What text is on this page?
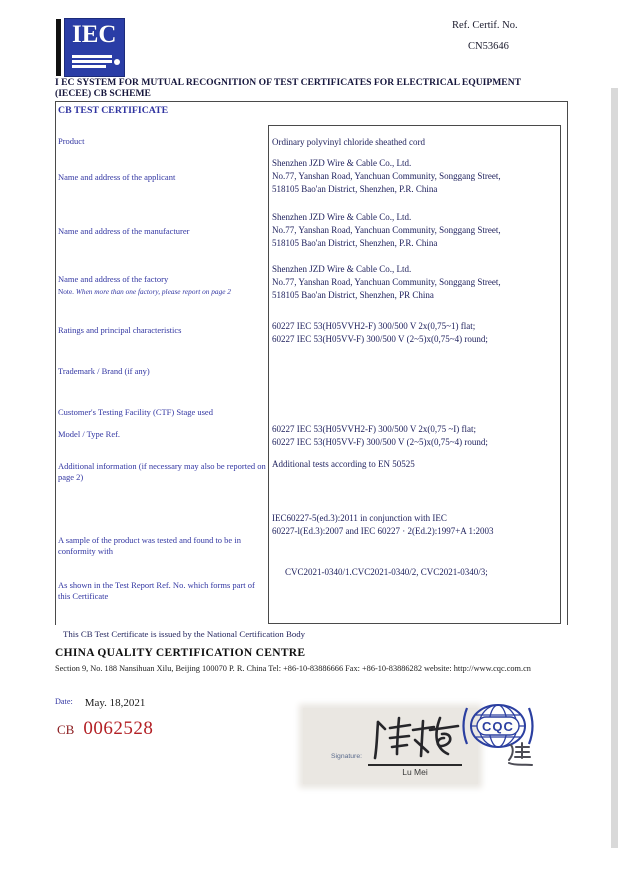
IEC	Ref. Certif. No.
CN53646
I EC SYSTEM FOR MUTUAL RECOGNITION OF TEST CERTIFICATES FOR ELECTRICAL EQUIPMENT
(IECEE) CB SCHEME
CB TEST CERTIFICATE
Product
Name and address of the applicant
Name and address of the manufacturer
Name and address of the factory
Note. When more than one factory, please report on page 2
Ratings and principal characteristics
Trademark / Brand (if any)
Customer's Testing Facility (CTF) Stage used
Model / Type Ref.
Additional information (if necessary may also be reported on page 2)
A sample of the product was tested and found to be in conformity with
As shown in the Test Report Ref. No. which forms part of this Certificate
Ordinary polyvinyl chloride sheathed cord
Shenzhen JZD Wire & Cable Co., Ltd.
No.77, Yanshan Road, Yanchuan Community, Songgang Street,
518105 Bao'an District, Shenzhen, P.R. China
Shenzhen JZD Wire & Cable Co., Ltd.
No.77, Yanshan Road, Yanchuan Community, Songgang Street,
518105 Bao'an District, Shenzhen, P.R. China
Shenzhen JZD Wire & Cable Co., Ltd.
No.77, Yanshan Road, Yanchuan Community, Songgang Street,
518105 Bao'an District, Shenzhen, PR China
60227 IEC 53(H05VVH2-F) 300/500 V 2x(0,75~1) flat;
60227 IEC 53(H05VV-F) 300/500 V (2~5)x(0,75~4) round;
60227 IEC 53(H05VVH2-F) 300/500 V 2x(0,75 ~I) flat;
60227 IEC 53(H05VV-F) 300/500 V (2~5)x(0,75~4) round;
Additional tests according to EN 50525
IEC60227-5(ed.3):2011 in conjunction with IEC
60227-l(Ed.3):2007 and IEC 60227 · 2(Ed.2):1997+A 1:2003
CVC2021-0340/1.CVC2021-0340/2, CVC2021-0340/3;
This CB Test Certificate is issued by the National Certification Body
CHINA QUALITY CERTIFICATION CENTRE
Section 9, No. 188 Nansihuan Xilu, Beijing 100070 P. R. China Tel: +86-10-83886666 Fax: +86-10-83886282 website: http://www.cqc.com.cn
Date: May. 18,2021
CB 0062528
Signature:
Lu Mei
CQC
